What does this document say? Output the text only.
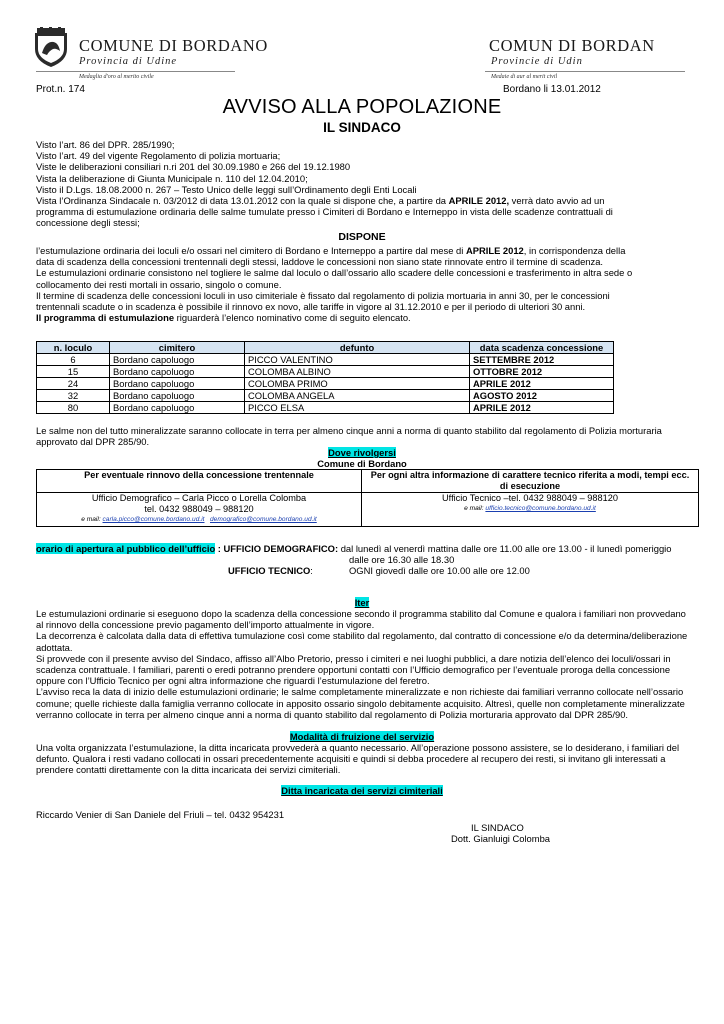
COMUNE DI BORDANO
Provincia di Udine
Medaglia d'oro al merito civile
COMUN DI BORDAN
Provincie di Udin
Medaie di aur al merit civil
Prot.n. 174	Bordano li 13.01.2012
AVVISO ALLA POPOLAZIONE
IL SINDACO
Visto l’art. 86 del DPR. 285/1990;
Visto l’art. 49 del vigente Regolamento di polizia mortuaria;
Viste le deliberazioni consiliari n.ri 201 del 30.09.1980 e 266 del 19.12.1980
Vista la deliberazione di Giunta Municipale n. 110 del 12.04.2010;
Visto il D.Lgs. 18.08.2000 n. 267 – Testo Unico delle leggi sull’Ordinamento degli Enti Locali
Vista l’Ordinanza Sindacale n. 03/2012 di data 13.01.2012 con la quale si dispone che, a partire da APRILE 2012, verrà dato avvio ad un
programma di estumulazione ordinaria delle salme tumulate presso i Cimiteri di Bordano e Interneppo in vista delle scadenze contrattuali di
concessione degli stessi;
DISPONE
l’estumulazione ordinaria dei loculi e/o ossari nel cimitero di Bordano e Interneppo a partire dal mese di APRILE 2012, in corrispondenza della
data di scadenza della concessioni trentennali degli stessi, laddove le concessioni non siano state rinnovate entro il termine di scadenza.
Le estumulazioni ordinarie consistono nel togliere le salme dal loculo o dall’ossario allo scadere delle concessioni e trasferimento in altra sede o
collocamento dei resti mortali in ossario, singolo o comune.
Il termine di scadenza delle concessioni loculi in uso cimiteriale è fissato dal regolamento di polizia mortuaria in anni 30, per le concessioni
trentennali scadute o in scadenza è possibile il rinnovo ex novo, alle tariffe in vigore al 31.12.2010 e per il periodo di ulteriori 30 anni.
Il programma di estumulazione riguarderà l’elenco nominativo come di seguito elencato.
n. loculo	cimitero	defunto	data scadenza concessione
6	Bordano capoluogo	PICCO VALENTINO	SETTEMBRE 2012
15	Bordano capoluogo	COLOMBA ALBINO	OTTOBRE 2012
24	Bordano capoluogo	COLOMBA PRIMO	APRILE 2012
32	Bordano capoluogo	COLOMBA ANGELA	AGOSTO 2012
80	Bordano capoluogo	PICCO ELSA	APRILE 2012
Le salme non del tutto mineralizzate saranno collocate in terra per almeno cinque anni a norma di quanto stabilito dal regolamento di Polizia morturaria
approvato dal DPR 285/90.
Dove rivolgersi
Comune di Bordano
Per eventuale rinnovo della concessione trentennale	Per ogni altra informazione di carattere tecnico riferita a modi, tempi ecc.
di esecuzione

Ufficio Demografico – Carla Picco o Lorella Colomba
tel. 0432 988049 – 988120
e mail: carla.picco@comune.bordano.ud.it demografico@comune.bordano.ud.it	Ufficio Tecnico –tel. 0432 988049 – 988120
e mail: ufficio.tecnico@comune.bordano.ud.it
orario di apertura al pubblico dell’ufficio : UFFICIO DEMOGRAFICO: dal lunedì al venerdì mattina dalle ore 11.00 alle ore 13.00 - il lunedì pomeriggio
dalle ore 16.30 alle 18.30
UFFICIO TECNICO:	OGNI giovedì dalle ore 10.00 alle ore 12.00
Iter
Le estumulazioni ordinarie si eseguono dopo la scadenza della concessione secondo il programma stabilito dal Comune e qualora i familiari non provvedano
al rinnovo della concessione previo pagamento dell’importo attualmente in vigore.
La decorrenza è calcolata dalla data di effettiva tumulazione così come stabilito dal regolamento, dal contratto di concessione e/o da determina/deliberazione
adottata.
Si provvede con il presente avviso del Sindaco, affisso all’Albo Pretorio, presso i cimiteri e nei luoghi pubblici, a dare notizia dell’elenco dei loculi/ossari in
scadenza contrattuale. I familiari, parenti o eredi potranno prendere opportuni contatti con l’Ufficio demografico per l’eventuale proroga della concessione
oppure con l’Ufficio Tecnico per ogni altra informazione che riguardi l’estumulazione del feretro.
L’avviso reca la data di inizio delle estumulazioni ordinarie; le salme completamente mineralizzate e non richieste dai familiari verranno collocate nell’ossario
comune; quelle richieste dalla famiglia verranno collocate in apposito ossario singolo debitamente acquisito. Altresì, quelle non completamente mineralizzate
verranno collocate in terra per almeno cinque anni a norma di quanto stabilito dal regolamento di Polizia morturaria approvato dal DPR 285/90.
Modalità di fruizione del servizio
Una volta organizzata l’estumulazione, la ditta incaricata provvederà a quanto necessario. All’operazione possono assistere, se lo desiderano, i familiari del
defunto. Qualora i resti vadano collocati in ossari precedentemente acquisiti e quindi si debba procedere al recupero dei resti, si invitano gli interessati a
prendere contatti direttamente con la ditta incaricata dei servizi cimiteriali.
Ditta incaricata dei servizi cimiteriali
Riccardo Venier di San Daniele del Friuli – tel. 0432 954231
IL SINDACO
Dott. Gianluigi Colomba
